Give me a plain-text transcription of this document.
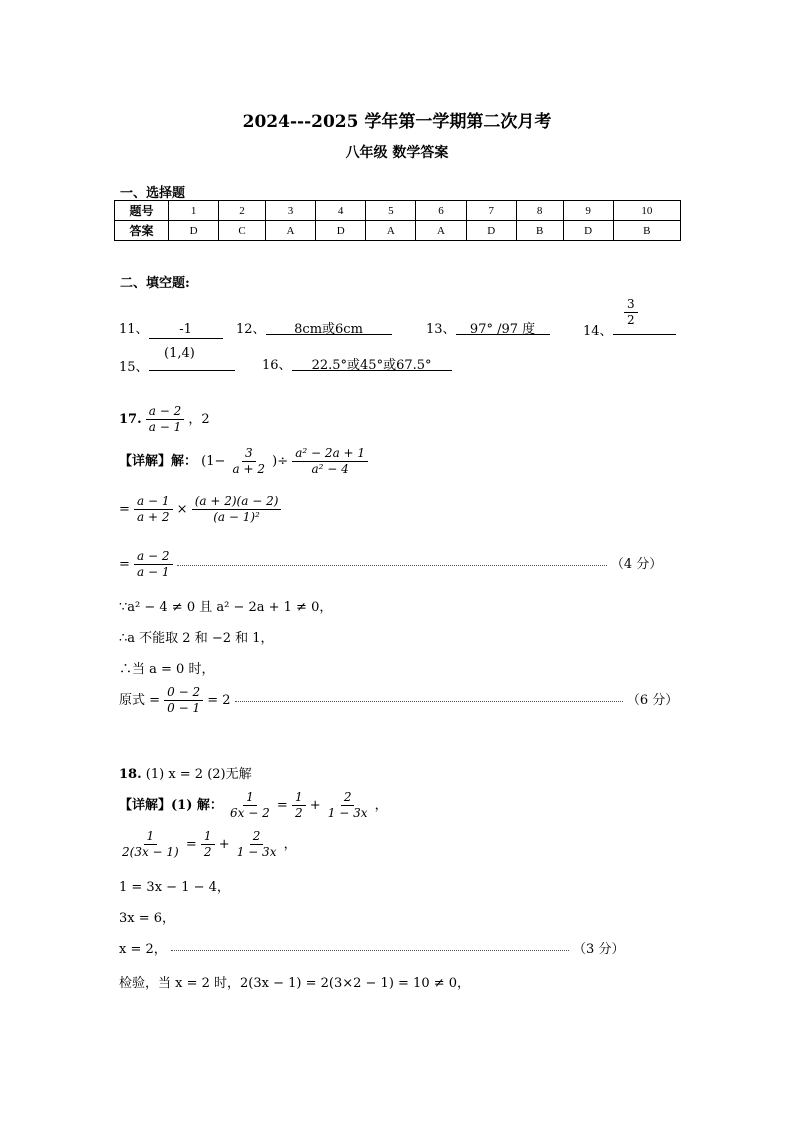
2024---2025 学年第一学期第二次月考
八年级 数学答案
一、选择题
题号	1	2	3	4	5	6	7	8	9	10
答案	D	C	A	D	A	A	D	B	D	B
二、填空题:
11、 -1	12、 8cm或6cm	13、 97° /97 度	14、
$\frac{3}{2}$
15、
(1,4)
16、 22.5°或45°或67.5°
17. $\frac{a - 2}{a - 1}$ ，2
【详解】解： ($1- \frac{3}{a + 2}$ )÷ $\frac{\text{a² − 2a + 1}}{\text{a² − 4}}$
= $\frac{a - 1}{a + 2} \times \frac{(a + 2)(a - 2)}{\text{(a − 1)²}}$
= $\frac{a - 2}{a - 1}$	（4 分）
∵a² − 4 ≠ 0 且 a² − 2a + 1 ≠ 0，
∴a 不能取 2 和 −2 和 1，
∴当 a = 0 时，
原式 = $\frac{0 - 2}{0 - 1} = 2$	（6 分）
18. (1) x = 2 (2)无解
【详解】(1) 解： $\frac{1}{6x - 2} = \frac{1}{2} + \frac{2}{1 - 3x}$ ，
$\frac{1}{2(3x - 1)} = \frac{1}{2} + \frac{2}{1 - 3x}$ ，
1 = 3x − 1 − 4，
3x = 6，
x = 2，	（3 分）
检验，当 x = 2 时，2(3x − 1) = 2(3×2 − 1) = 10 ≠ 0，
